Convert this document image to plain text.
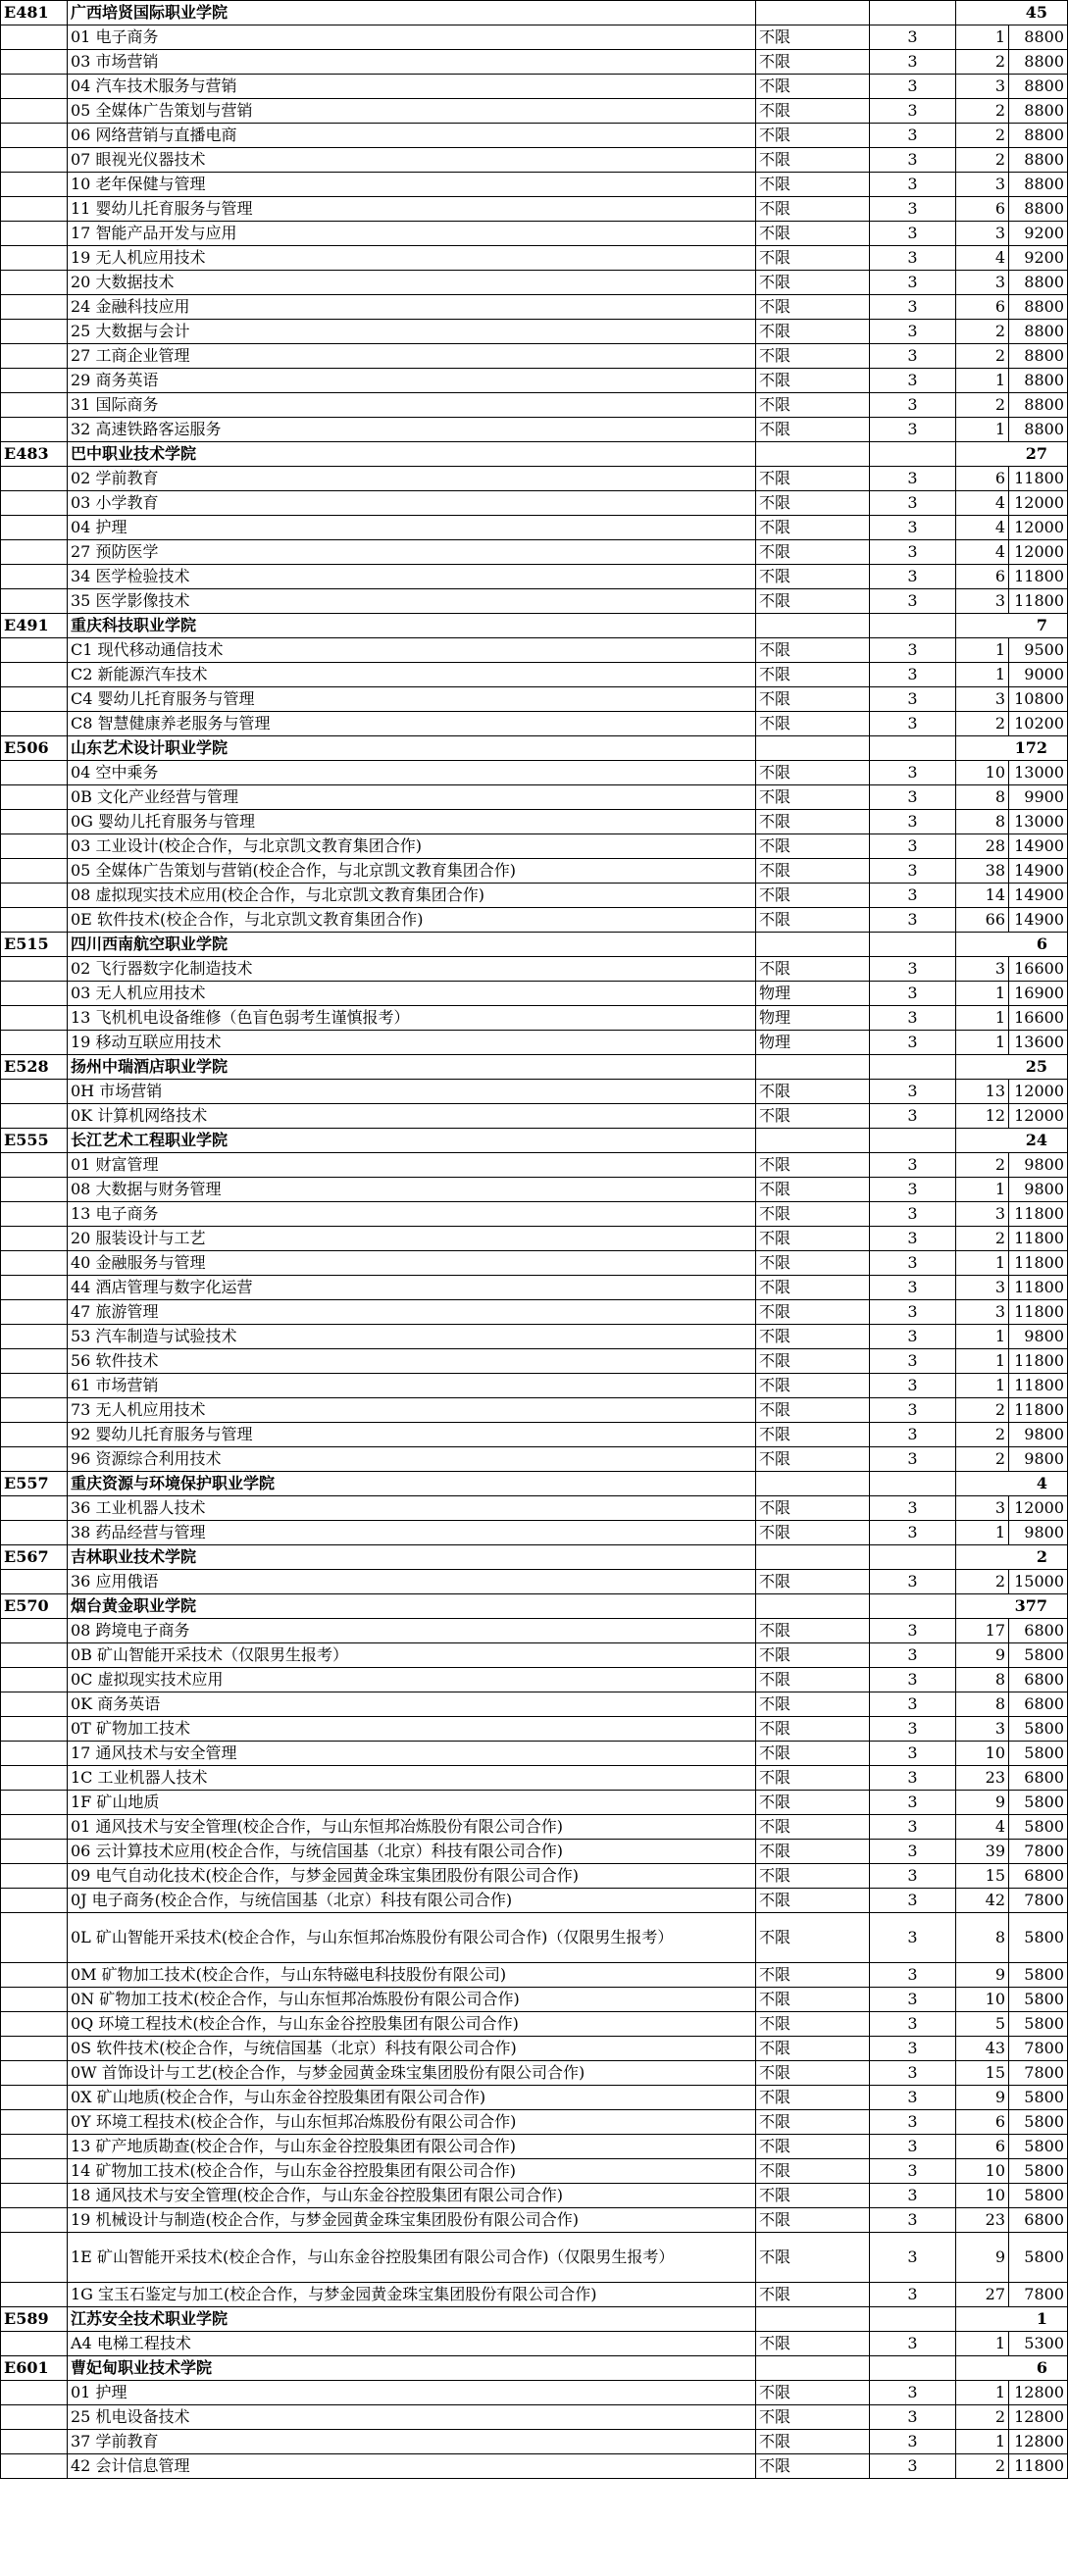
E481	广西培贤国际职业学院			45	
	01 电子商务	不限	3	1	8800
	03 市场营销	不限	3	2	8800
	04 汽车技术服务与营销	不限	3	3	8800
	05 全媒体广告策划与营销	不限	3	2	8800
	06 网络营销与直播电商	不限	3	2	8800
	07 眼视光仪器技术	不限	3	2	8800
	10 老年保健与管理	不限	3	3	8800
	11 婴幼儿托育服务与管理	不限	3	6	8800
	17 智能产品开发与应用	不限	3	3	9200
	19 无人机应用技术	不限	3	4	9200
	20 大数据技术	不限	3	3	8800
	24 金融科技应用	不限	3	6	8800
	25 大数据与会计	不限	3	2	8800
	27 工商企业管理	不限	3	2	8800
	29 商务英语	不限	3	1	8800
	31 国际商务	不限	3	2	8800
	32 高速铁路客运服务	不限	3	1	8800
E483	巴中职业技术学院			27	
	02 学前教育	不限	3	6	11800
	03 小学教育	不限	3	4	12000
	04 护理	不限	3	4	12000
	27 预防医学	不限	3	4	12000
	34 医学检验技术	不限	3	6	11800
	35 医学影像技术	不限	3	3	11800
E491	重庆科技职业学院			7	
	C1 现代移动通信技术	不限	3	1	9500
	C2 新能源汽车技术	不限	3	1	9000
	C4 婴幼儿托育服务与管理	不限	3	3	10800
	C8 智慧健康养老服务与管理	不限	3	2	10200
E506	山东艺术设计职业学院			172	
	04 空中乘务	不限	3	10	13000
	0B 文化产业经营与管理	不限	3	8	9900
	0G 婴幼儿托育服务与管理	不限	3	8	13000
	03 工业设计(校企合作，与北京凯文教育集团合作)	不限	3	28	14900
	05 全媒体广告策划与营销(校企合作，与北京凯文教育集团合作)	不限	3	38	14900
	08 虚拟现实技术应用(校企合作，与北京凯文教育集团合作)	不限	3	14	14900
	0E 软件技术(校企合作，与北京凯文教育集团合作)	不限	3	66	14900
E515	四川西南航空职业学院			6	
	02 飞行器数字化制造技术	不限	3	3	16600
	03 无人机应用技术	物理	3	1	16900
	13 飞机机电设备维修（色盲色弱考生谨慎报考）	物理	3	1	16600
	19 移动互联应用技术	物理	3	1	13600
E528	扬州中瑞酒店职业学院			25	
	0H 市场营销	不限	3	13	12000
	0K 计算机网络技术	不限	3	12	12000
E555	长江艺术工程职业学院			24	
	01 财富管理	不限	3	2	9800
	08 大数据与财务管理	不限	3	1	9800
	13 电子商务	不限	3	3	11800
	20 服装设计与工艺	不限	3	2	11800
	40 金融服务与管理	不限	3	1	11800
	44 酒店管理与数字化运营	不限	3	3	11800
	47 旅游管理	不限	3	3	11800
	53 汽车制造与试验技术	不限	3	1	9800
	56 软件技术	不限	3	1	11800
	61 市场营销	不限	3	1	11800
	73 无人机应用技术	不限	3	2	11800
	92 婴幼儿托育服务与管理	不限	3	2	9800
	96 资源综合利用技术	不限	3	2	9800
E557	重庆资源与环境保护职业学院			4	
	36 工业机器人技术	不限	3	3	12000
	38 药品经营与管理	不限	3	1	9800
E567	吉林职业技术学院			2	
	36 应用俄语	不限	3	2	15000
E570	烟台黄金职业学院			377	
	08 跨境电子商务	不限	3	17	6800
	0B 矿山智能开采技术（仅限男生报考）	不限	3	9	5800
	0C 虚拟现实技术应用	不限	3	8	6800
	0K 商务英语	不限	3	8	6800
	0T 矿物加工技术	不限	3	3	5800
	17 通风技术与安全管理	不限	3	10	5800
	1C 工业机器人技术	不限	3	23	6800
	1F 矿山地质	不限	3	9	5800
	01 通风技术与安全管理(校企合作，与山东恒邦冶炼股份有限公司合作)	不限	3	4	5800
	06 云计算技术应用(校企合作，与统信国基（北京）科技有限公司合作)	不限	3	39	7800
	09 电气自动化技术(校企合作，与梦金园黄金珠宝集团股份有限公司合作)	不限	3	15	6800
	0J 电子商务(校企合作，与统信国基（北京）科技有限公司合作)	不限	3	42	7800
	0L 矿山智能开采技术(校企合作，与山东恒邦冶炼股份有限公司合作)（仅限男生报考）	不限	3	8	5800
	0M 矿物加工技术(校企合作，与山东特磁电科技股份有限公司)	不限	3	9	5800
	0N 矿物加工技术(校企合作，与山东恒邦冶炼股份有限公司合作)	不限	3	10	5800
	0Q 环境工程技术(校企合作，与山东金谷控股集团有限公司合作)	不限	3	5	5800
	0S 软件技术(校企合作，与统信国基（北京）科技有限公司合作)	不限	3	43	7800
	0W 首饰设计与工艺(校企合作，与梦金园黄金珠宝集团股份有限公司合作)	不限	3	15	7800
	0X 矿山地质(校企合作，与山东金谷控股集团有限公司合作)	不限	3	9	5800
	0Y 环境工程技术(校企合作，与山东恒邦冶炼股份有限公司合作)	不限	3	6	5800
	13 矿产地质勘查(校企合作，与山东金谷控股集团有限公司合作)	不限	3	6	5800
	14 矿物加工技术(校企合作，与山东金谷控股集团有限公司合作)	不限	3	10	5800
	18 通风技术与安全管理(校企合作，与山东金谷控股集团有限公司合作)	不限	3	10	5800
	19 机械设计与制造(校企合作，与梦金园黄金珠宝集团股份有限公司合作)	不限	3	23	6800
	1E 矿山智能开采技术(校企合作，与山东金谷控股集团有限公司合作)（仅限男生报考）	不限	3	9	5800
	1G 宝玉石鉴定与加工(校企合作，与梦金园黄金珠宝集团股份有限公司合作)	不限	3	27	7800
E589	江苏安全技术职业学院			1	
	A4 电梯工程技术	不限	3	1	5300
E601	曹妃甸职业技术学院			6	
	01 护理	不限	3	1	12800
	25 机电设备技术	不限	3	2	12800
	37 学前教育	不限	3	1	12800
	42 会计信息管理	不限	3	2	11800
